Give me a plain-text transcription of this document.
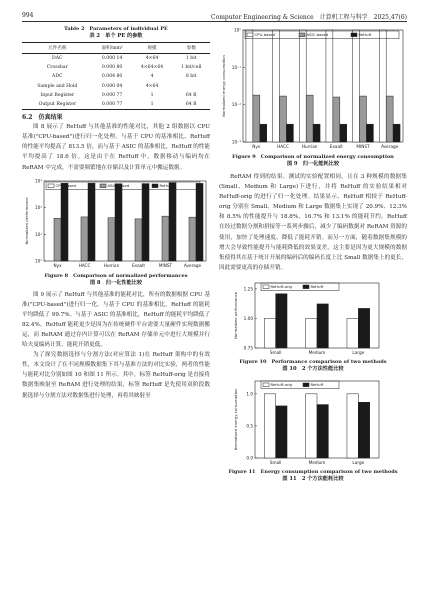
994	Computer Engineering & Science　计算机工程与科学　2025,47(6)
Table 2　Parameters of individual PE
表 2　单个 PE 的参数
元件名称	面积/mm²	规模	参数
DAC	0.000 14	4×64	1 bit
Crossbar	0.000 80	4×64×64	1 bit/cell
ADC	0.004 80	4	8 bit
Sample and Hold	0.000 04	4×64	
Input Register	0.000 77	1	64 B
Output Register	0.000 77	1	64 B
6.2　仿真结果

图 8 展示了 ReHuff 与其他基准的性能对比，其他 2 组数据以 CPU 基准("CPU-based")进行归一化处理。与基于 CPU 的基准相比，ReHuff 的性能平均提高了 813.5 倍，而与基于 ASIC 的基准相比，ReHuff 的性能平均提高了 18.6 倍。这是由于在 ReHuff 中，数据移动与编码均在 ReRAM 中完成，不需要频繁地在存储以及计算单元中搬运数据。

10⁰
10¹
10²
10³
Normalized performance
Nyx	HACC	Hurrian	Exaalt	MINST	Average
CPU-based	ASIC-based	ReHuff
Figure 8　Comparison of normalized performances
图 8　归一化性能比较

图 9 展示了 ReHuff 与其他基准的能耗对比，所有的数据根据 CPU 基准("CPU-based")进行归一化。与基于 CPU 的基准相比，ReHuff 的能耗平均降低了 99.7%。与基于 ASIC 的基准相比，ReHuff 的能耗平均降低了 82.4%。ReHuff 能耗更少是因为在传统硬件平台需要大量硬件实现数据搬运，而 ReRAM 通过存内计算可以在 ReRAM 存储单元中进行大规模并行哈夫曼编码计算、能耗开销更低。

为了探究数据选择与分割方法(对应算法 1)在 ReHuff 架构中的有效性，本文设计了在不同规模数据集下其与基准方法的对比实验，两者的性能与能耗对比分别如图 10 和图 11 所示。其中，标签 ReHuff-orig 是直接将数据集映射至 ReRAM 进行处理的结果，标签 ReHuff 是先使用双阶段数据选择与分割方法对数据集进行处理，再将其映射至

10⁻³
10⁻²
10⁻¹
10⁰
Normalized energy consumption
Nyx	HACC	Hurrian	Exaalt	MINST	Average
CPU-based	ASIC-based	ReHuff
Figure 9　Comparison of normalized energy consumption
图 9　归一化能耗比较

ReRAM 得到的结果。测试的实验配置相同，且在 3 种规模的数据集(Small、Medium 和 Large)下进行，并将 ReHuff 的实验结果相对 ReHuff-orig 的进行了归一化处理。结果显示，ReHuff 相较于 ReHuff-orig 分别在 Small、Medium 和 Large 数据集上实现了 20.9%、12.3% 和 8.5% 的性能提升与 18.8%、16.7% 和 13.1% 的能耗节约。ReHuff 在经过数据分割和拼接等一系列步骤后，减少了编码数据对 ReRAM 资源的使用，加快了处理速度、降低了能耗开销。而另一方面，随着数据集规模的增大会导致性能提升与能耗降低的效果变差，这主要是因为更大规模的数据集使得其在基于统计开展的编码后的编码长度上比 Small 数据集上的更长，因此需要更高的存储开销。

0.75
1.00
1.25
Normalized performance
Small	Medium	Large
ReHuff-orig	ReHuff
Figure 10　Performance comparison of two methods
图 10　2 个方法性能比较
0.0
0.5
1.0
Normalized energy consumption
Small	Medium	Large
ReHuff-orig	ReHuff
Figure 11　Energy consumption comparison of two methods
图 11　2 个方法能耗比较
